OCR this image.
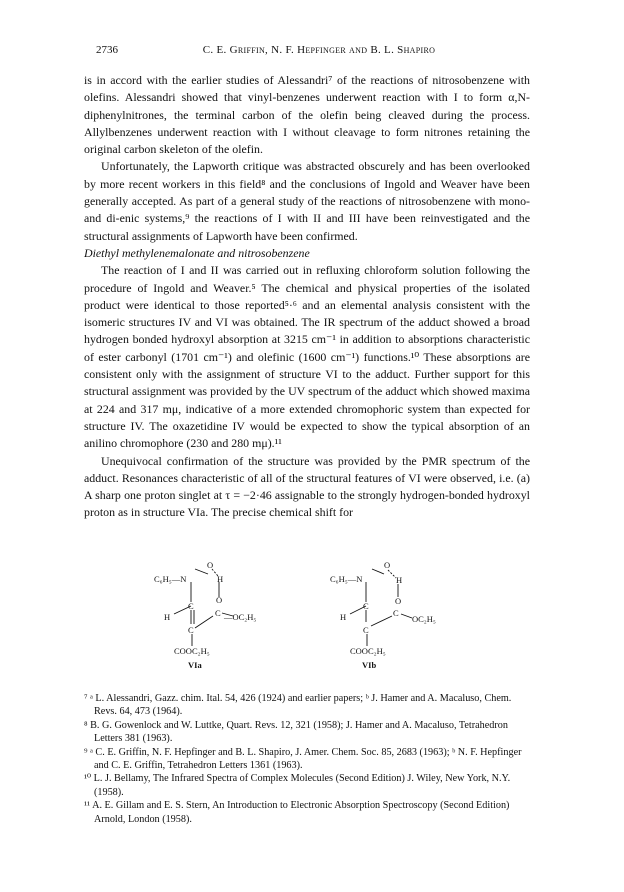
2736	C. E. Griffin, N. F. Hepfinger and B. L. Shapiro

is in accord with the earlier studies of Alessandri⁷ of the reactions of nitrosobenzene with olefins. Alessandri showed that vinyl-benzenes underwent reaction with I to form α,N-diphenylnitrones, the terminal carbon of the olefin being cleaved during the process. Allylbenzenes underwent reaction with I without cleavage to form nitrones retaining the original carbon skeleton of the olefin.

Unfortunately, the Lapworth critique was abstracted obscurely and has been overlooked by more recent workers in this field⁸ and the conclusions of Ingold and Weaver have been generally accepted. As part of a general study of the reactions of nitrosobenzene with mono- and di-enic systems,⁹ the reactions of I with II and III have been reinvestigated and the structural assignments of Lapworth have been confirmed.

Diethyl methylenemalonate and nitrosobenzene

The reaction of I and II was carried out in refluxing chloroform solution following the procedure of Ingold and Weaver.⁵ The chemical and physical properties of the isolated product were identical to those reported⁵·⁶ and an elemental analysis consistent with the isomeric structures IV and VI was obtained. The IR spectrum of the adduct showed a broad hydrogen bonded hydroxyl absorption at 3215 cm⁻¹ in addition to absorptions characteristic of ester carbonyl (1701 cm⁻¹) and olefinic (1600 cm⁻¹) functions.¹⁰ These absorptions are consistent only with the assignment of structure VI to the adduct. Further support for this structural assignment was provided by the UV spectrum of the adduct which showed maxima at 224 and 317 mμ, indicative of a more extended chromophoric system than expected for structure IV. The oxazetidine IV would be expected to show the typical absorption of an anilino chromophore (230 and 280 mμ).¹¹

Unequivocal confirmation of the structure was provided by the PMR spectrum of the adduct. Resonances characteristic of all of the structural features of VI were observed, i.e. (a) A sharp one proton singlet at τ = −2·46 assignable to the strongly hydrogen-bonded hydroxyl proton as in structure VIa. The precise chemical shift for

C₆H₅—N
O
H
C
H
C
O
C —OC₂H₅
COOC₂H₅
VIa
C₆H₅—N
O
H
O
C
H
C
C
OC₂H₅
COOC₂H₅
VIb

⁷ ᵃ L. Alessandri, Gazz. chim. Ital. 54, 426 (1924) and earlier papers; ᵇ J. Hamer and A. Macaluso, Chem. Revs. 64, 473 (1964).

⁸ B. G. Gowenlock and W. Luttke, Quart. Revs. 12, 321 (1958); J. Hamer and A. Macaluso, Tetrahedron Letters 381 (1963).

⁹ ᵃ C. E. Griffin, N. F. Hepfinger and B. L. Shapiro, J. Amer. Chem. Soc. 85, 2683 (1963); ᵇ N. F. Hepfinger and C. E. Griffin, Tetrahedron Letters 1361 (1963).

¹⁰ L. J. Bellamy, The Infrared Spectra of Complex Molecules (Second Edition) J. Wiley, New York, N.Y. (1958).

¹¹ A. E. Gillam and E. S. Stern, An Introduction to Electronic Absorption Spectroscopy (Second Edition) Arnold, London (1958).
